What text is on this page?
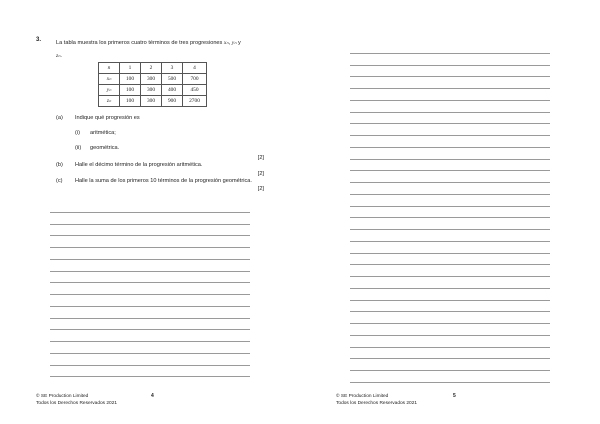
3.	La tabla muestra los primeros cuatro términos de tres progresiones xₙ, yₙ y
zₙ.
n	1	2	3	4
xₙ	100	300	500	700
yₙ	100	300	400	450
zₙ	100	300	900	2700
(a) Indique qué progresión es
(i) aritmética;
(ii) geométrica.
[2]
(b) Halle el décimo término de la progresión aritmética.
[2]
(c) Halle la suma de los primeros 10 términos de la progresión geométrica.
[2]
© SE Production Limited
Todos los Derechos Reservados 2021
4	© SE Production Limited
Todos los Derechos Reservados 2021
5
